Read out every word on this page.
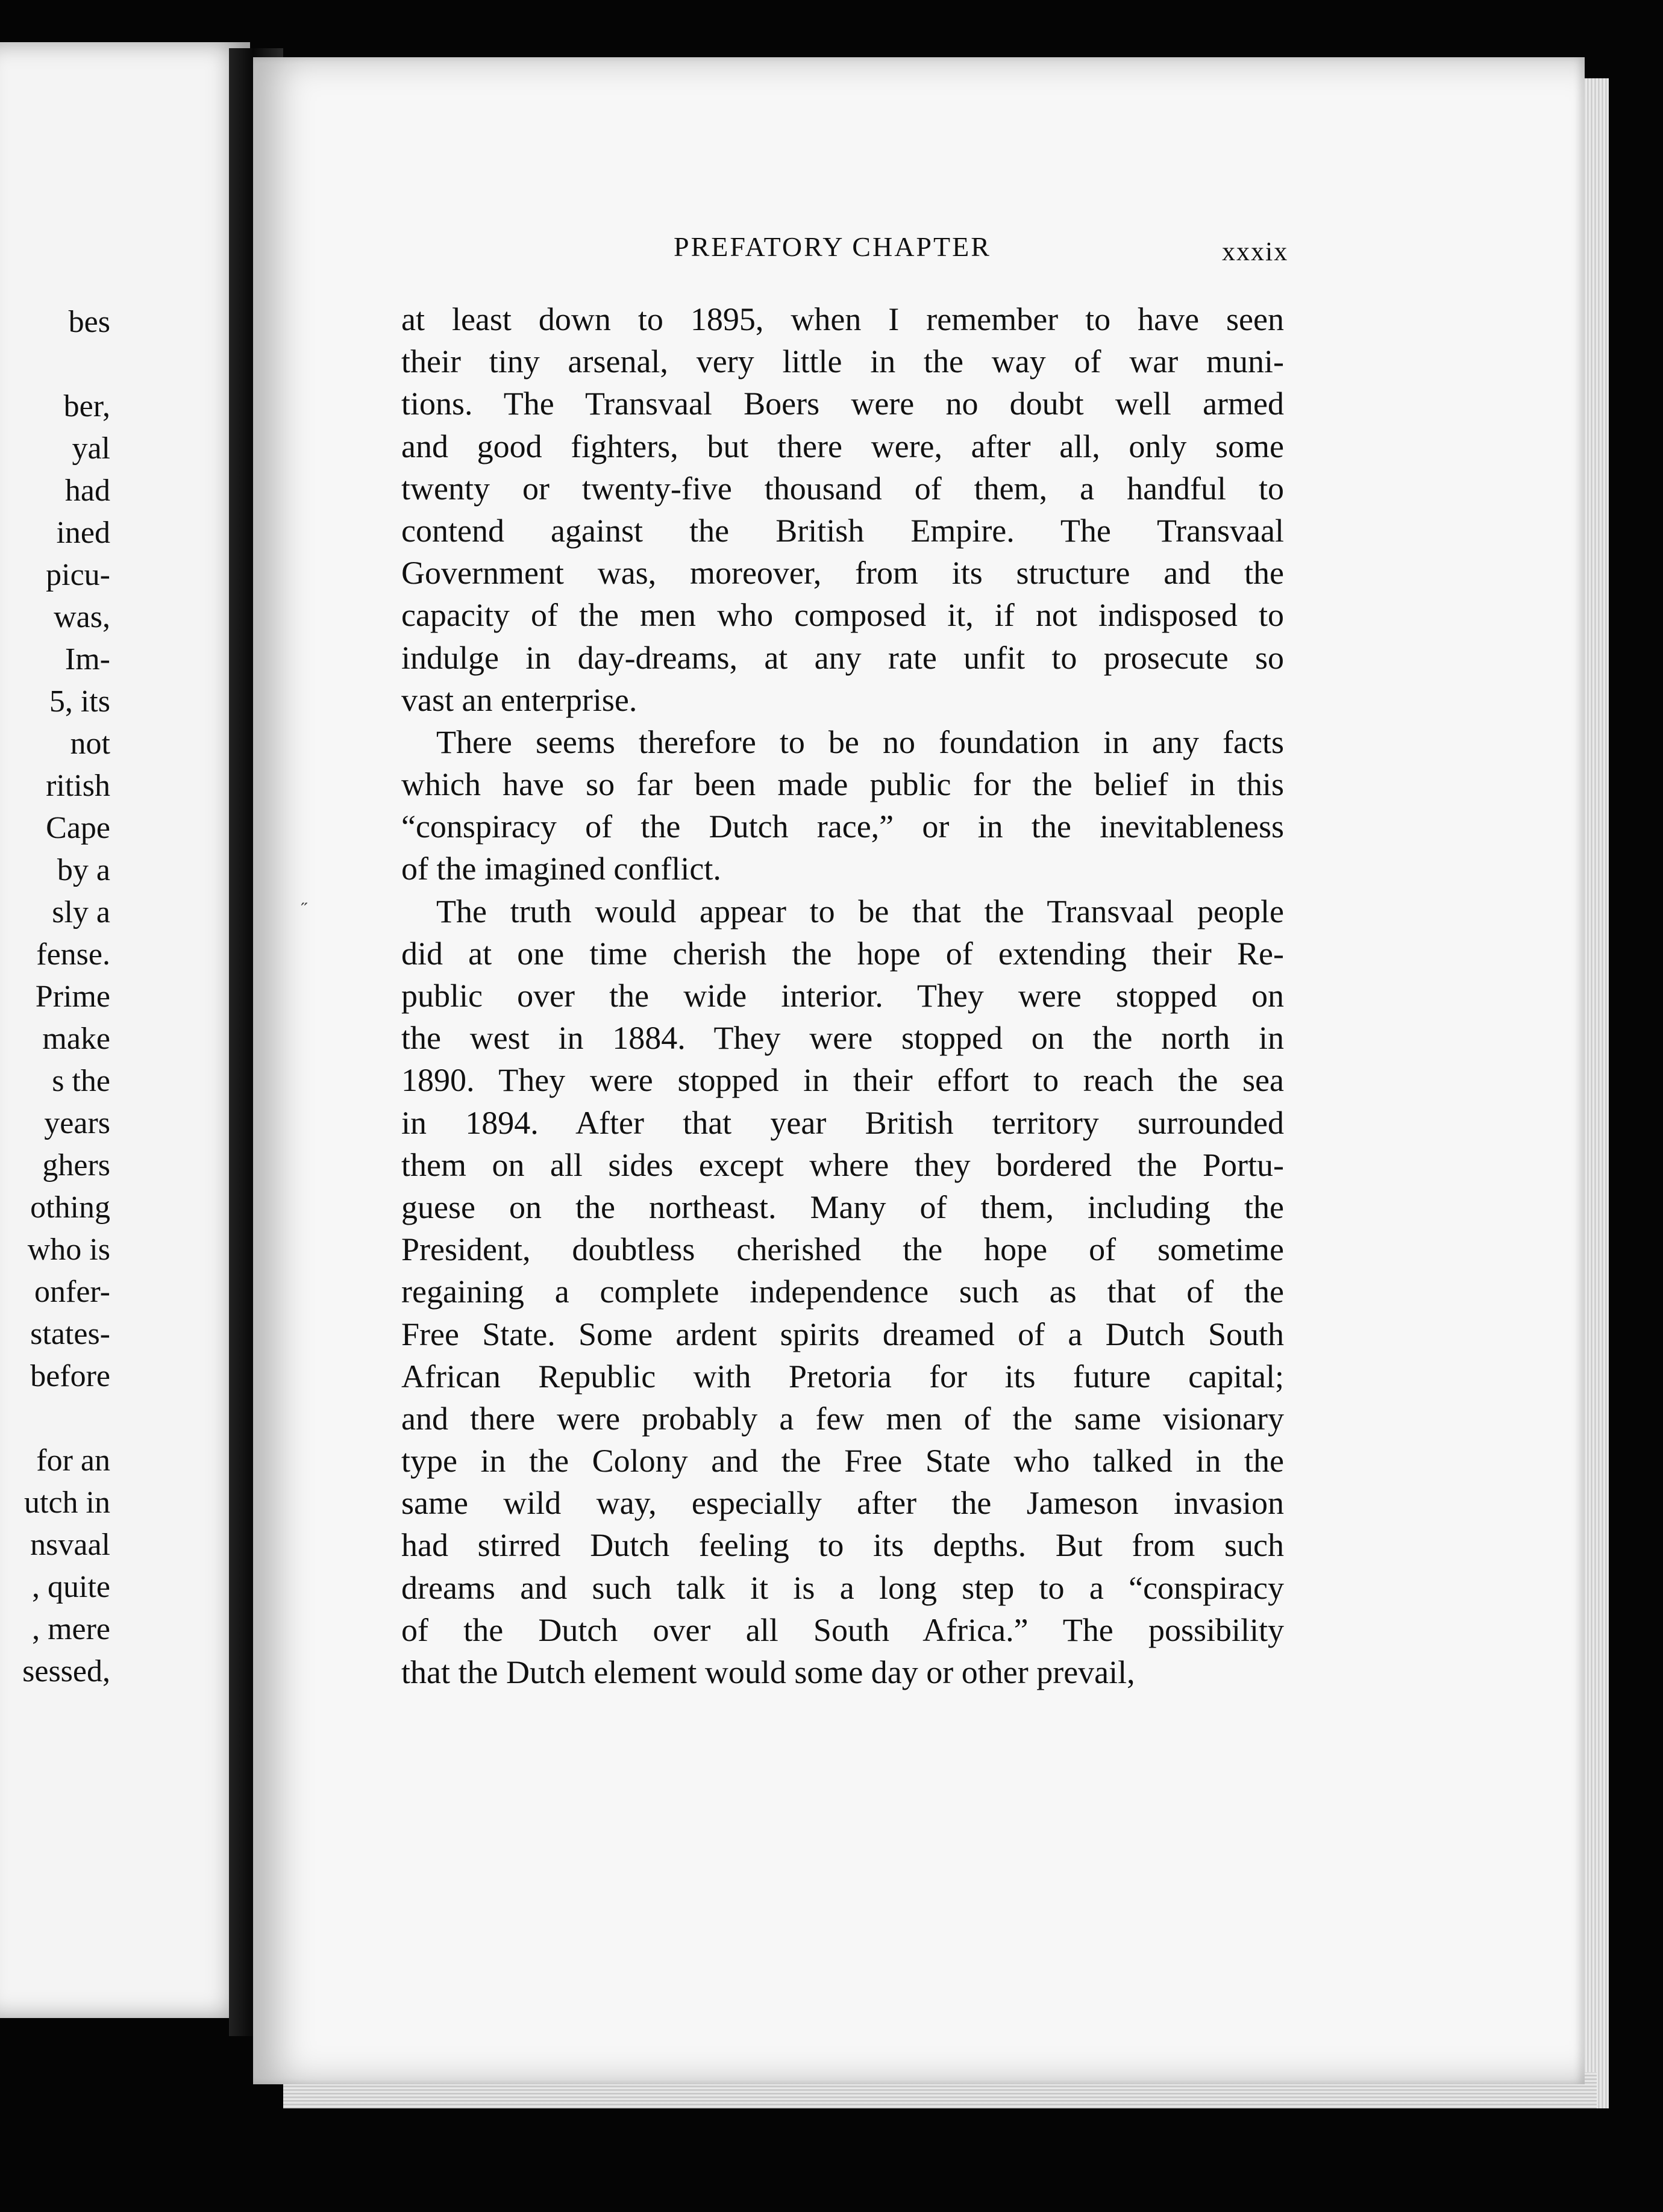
bes
ber,
yal
had
ined
picu-
was,
Im-
5, its
not
ritish
Cape
by a
sly a
fense.
Prime
make
s the
years
ghers
othing
who is
onfer-
states-
before
for an
utch in
nsvaal
, quite
, mere
sessed,
PREFATORY CHAPTER	xxxix
at least down to 1895, when I remember to have seen
their tiny arsenal, very little in the way of war muni-
tions. The Transvaal Boers were no doubt well armed
and good fighters, but there were, after all, only some
twenty or twenty-five thousand of them, a handful to
contend against the British Empire. The Transvaal
Government was, moreover, from its structure and the
capacity of the men who composed it, if not indisposed to
indulge in day-dreams, at any rate unfit to prosecute so
vast an enterprise.
There seems therefore to be no foundation in any facts
which have so far been made public for the belief in this
“conspiracy of the Dutch race,” or in the inevitableness
of the imagined conflict.
The truth would appear to be that the Transvaal people
did at one time cherish the hope of extending their Re-
public over the wide interior. They were stopped on
the west in 1884. They were stopped on the north in
1890. They were stopped in their effort to reach the sea
in 1894. After that year British territory surrounded
them on all sides except where they bordered the Portu-
guese on the northeast. Many of them, including the
President, doubtless cherished the hope of sometime
regaining a complete independence such as that of the
Free State. Some ardent spirits dreamed of a Dutch South
African Republic with Pretoria for its future capital;
and there were probably a few men of the same visionary
type in the Colony and the Free State who talked in the
same wild way, especially after the Jameson invasion
had stirred Dutch feeling to its depths. But from such
dreams and such talk it is a long step to a “conspiracy
of the Dutch over all South Africa.” The possibility
that the Dutch element would some day or other prevail,
˶
